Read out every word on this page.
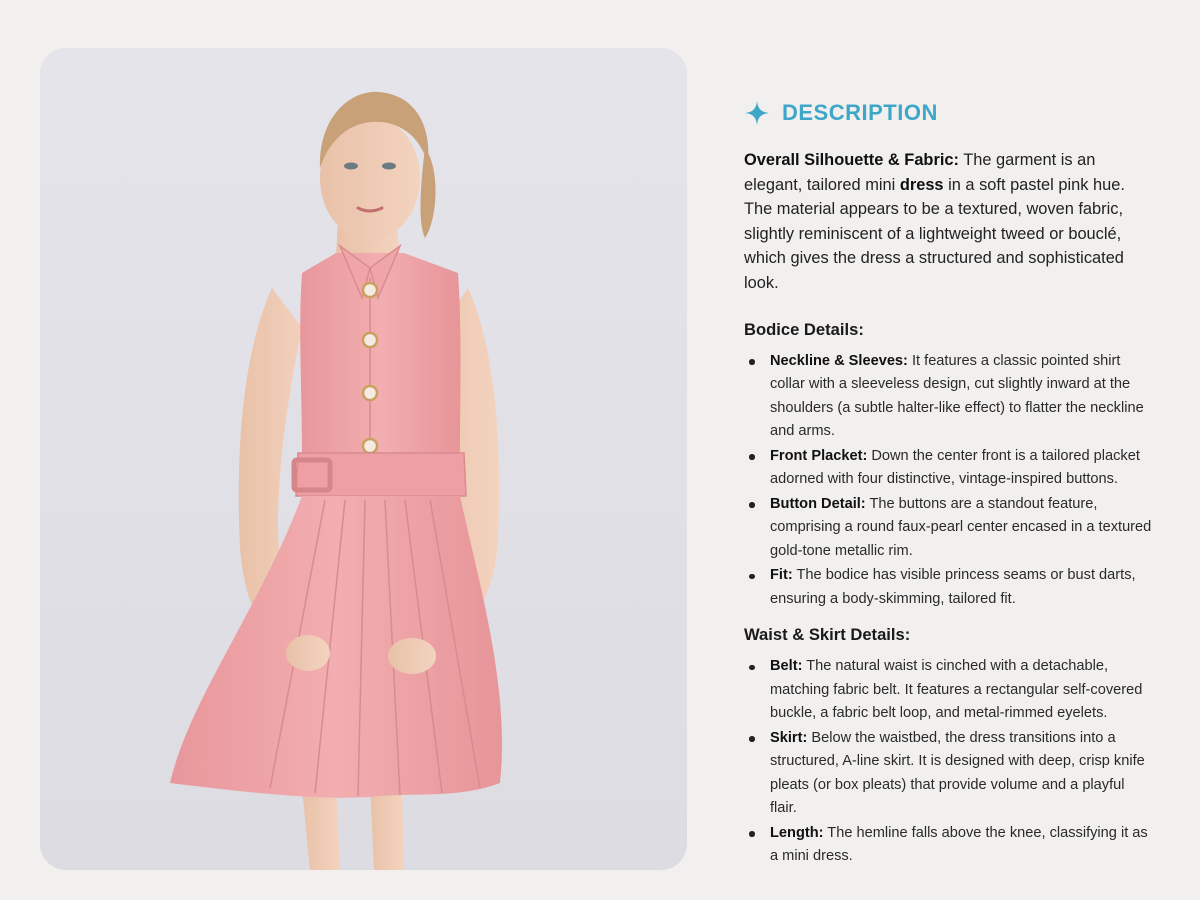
DESCRIPTION

Overall Silhouette & Fabric: The garment is an elegant, tailored mini dress in a soft pastel pink hue. The material appears to be a textured, woven fabric, slightly reminiscent of a lightweight tweed or bouclé, which gives the dress a structured and sophisticated look.

Bodice Details:
Neckline & Sleeves: It features a classic pointed shirt collar with a sleeveless design, cut slightly inward at the shoulders (a subtle halter-like effect) to flatter the neckline and arms.
Front Placket: Down the center front is a tailored placket adorned with four distinctive, vintage-inspired buttons.
Button Detail: The buttons are a standout feature, comprising a round faux-pearl center encased in a textured gold-tone metallic rim.
Fit: The bodice has visible princess seams or bust darts, ensuring a body-skimming, tailored fit.
Waist & Skirt Details:
Belt: The natural waist is cinched with a detachable, matching fabric belt. It features a rectangular self-covered buckle, a fabric belt loop, and metal-rimmed eyelets.
Skirt: Below the waistbed, the dress transitions into a structured, A-line skirt. It is designed with deep, crisp knife pleats (or box pleats) that provide volume and a playful flair.
Length: The hemline falls above the knee, classifying it as a mini dress.
